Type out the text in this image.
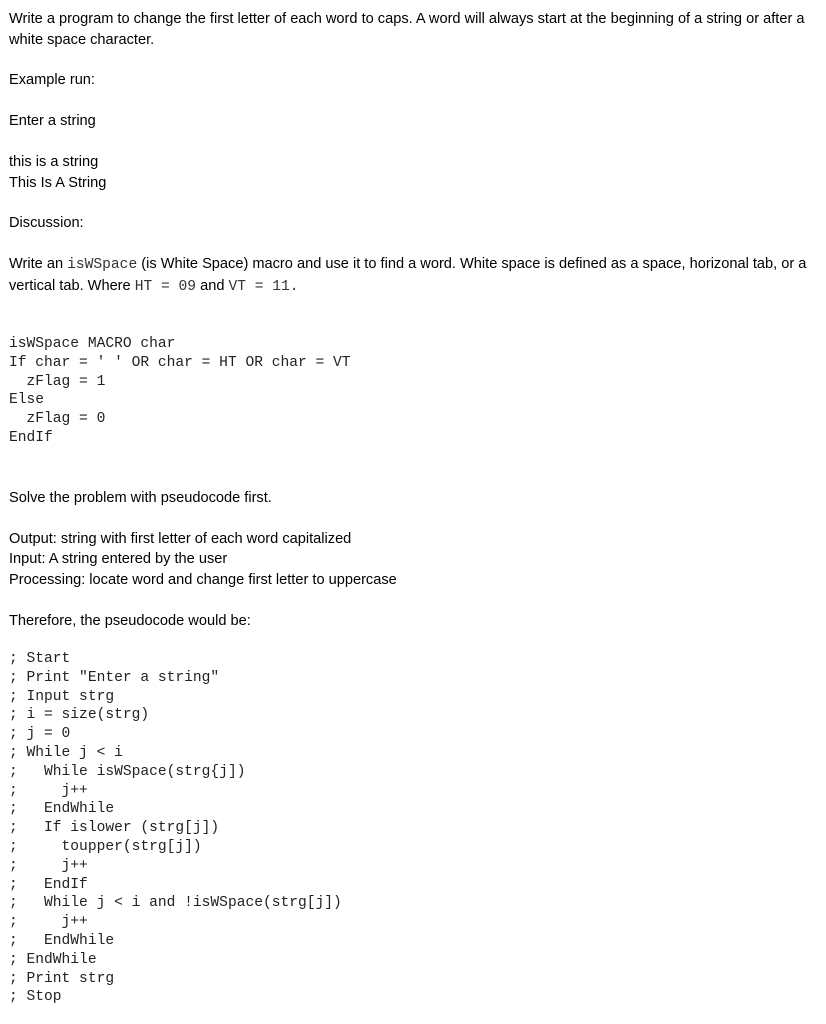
Write a program to change the first letter of each word to caps. A word will always start at the beginning of a string or after a white space character.

Example run:

Enter a string

this is a string

This Is A String

Discussion:

Write an isWSpace (is White Space) macro and use it to find a word. White space is defined as a space, horizonal tab, or a vertical tab. Where HT = 09 and VT = 11.

isWSpace MACRO char
If char = ' ' OR char = HT OR char = VT
zFlag = 1
Else
zFlag = 0
EndIf

Solve the problem with pseudocode first.

Output: string with first letter of each word capitalized

Input: A string entered by the user

Processing: locate word and change first letter to uppercase

Therefore, the pseudocode would be:

; Start
; Print "Enter a string"
; Input strg
; i = size(strg)
; j = 0
; While j < i
;   While isWSpace(strg{j])
;     j++
;   EndWhile
;   If islower (strg[j])
;     toupper(strg[j])
;     j++
;   EndIf
;   While j < i and !isWSpace(strg[j])
;     j++
;   EndWhile
; EndWhile
; Print strg
; Stop
